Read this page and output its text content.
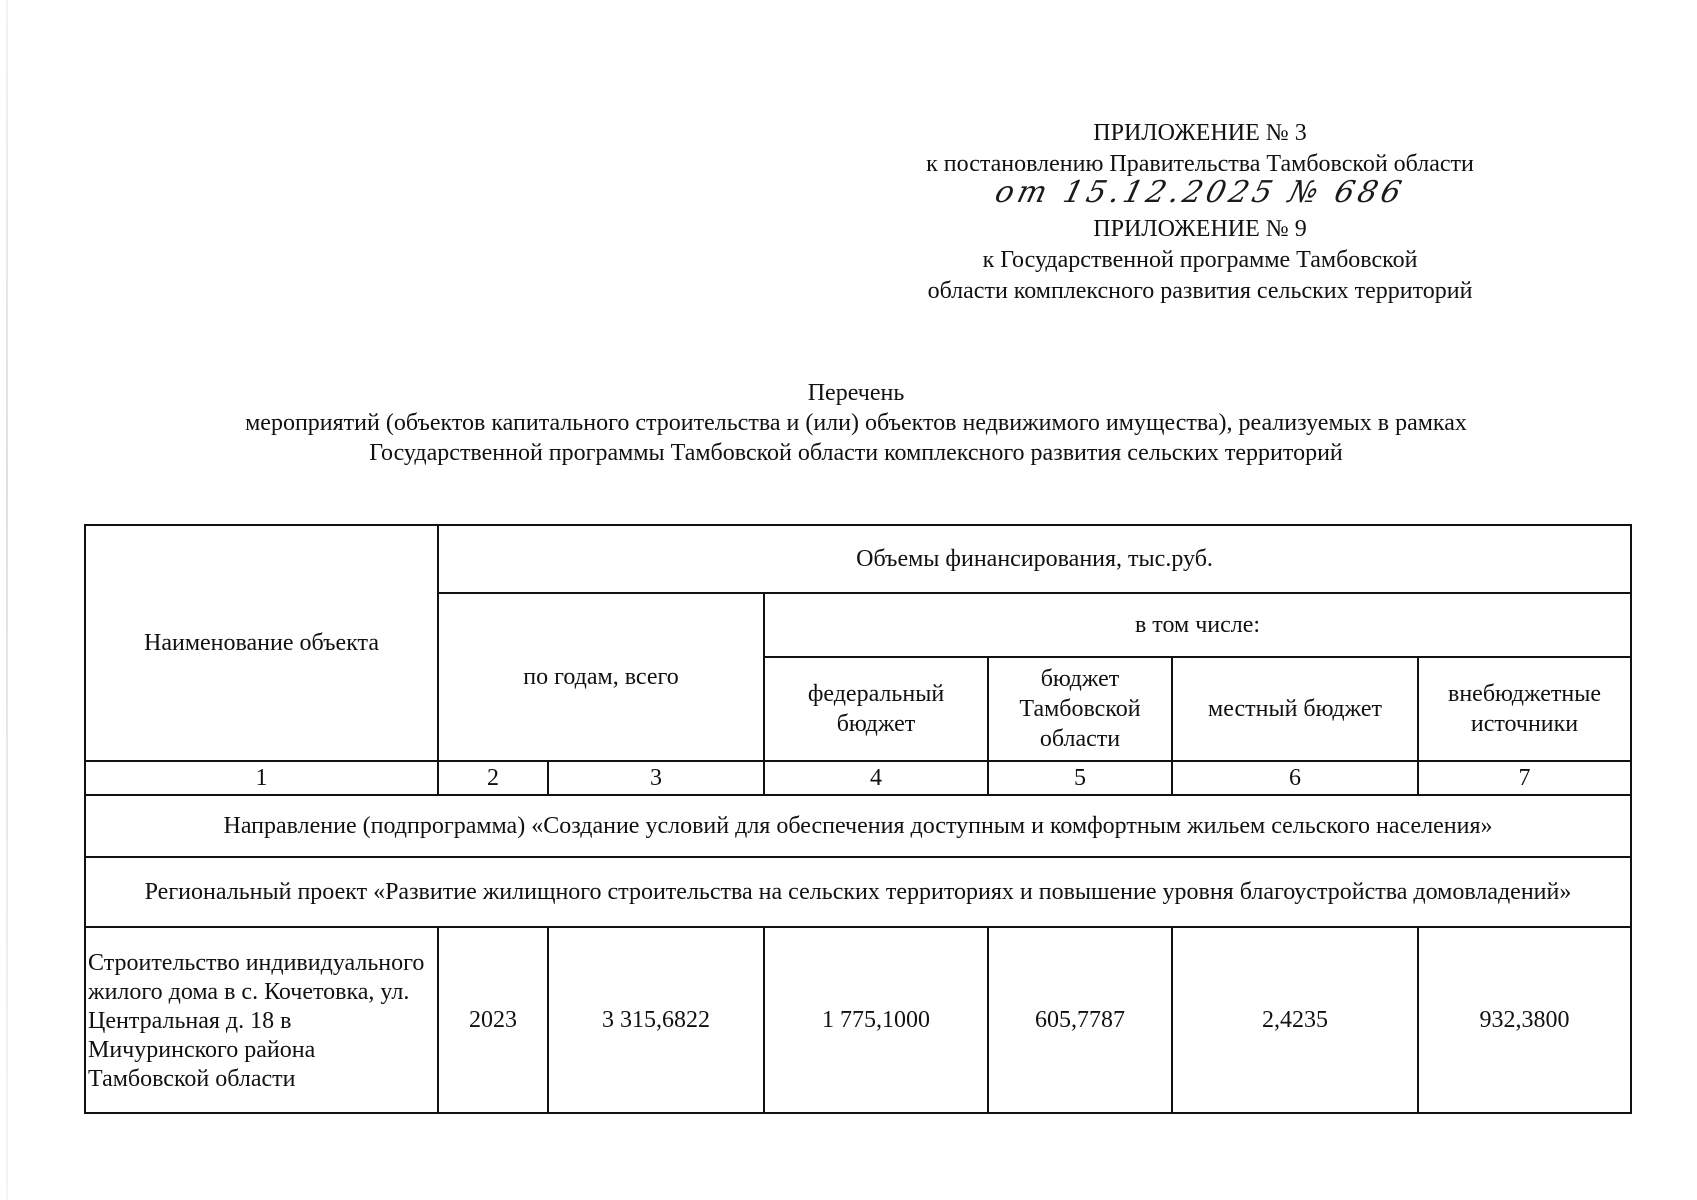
ПРИЛОЖЕНИЕ № 3
к постановлению Правительства Тамбовской области
от 15.12.2025 № 686
ПРИЛОЖЕНИЕ № 9
к Государственной программе Тамбовской
области комплексного развития сельских территорий
Перечень
мероприятий (объектов капитального строительства и (или) объектов недвижимого имущества), реализуемых в рамках
Государственной программы Тамбовской области комплексного развития сельских территорий
Наименование объекта	Объемы финансирования, тыс.руб.					
	по годам, всего		в том числе:			
			федеральный бюджет	бюджет Тамбовской области	местный бюджет	внебюджетные источники
1	2	3	4	5	6	7
Направление (подпрограмма) «Создание условий для обеспечения доступным и комфортным жильем сельского населения»						
Региональный проект «Развитие жилищного строительства на сельских территориях и повышение уровня благоустройства домовладений»						
Строительство индивидуального жилого дома в с. Кочетовка, ул. Центральная д. 18 в Мичуринского района Тамбовской области	2023	3 315,6822	1 775,1000	605,7787	2,4235	932,3800
